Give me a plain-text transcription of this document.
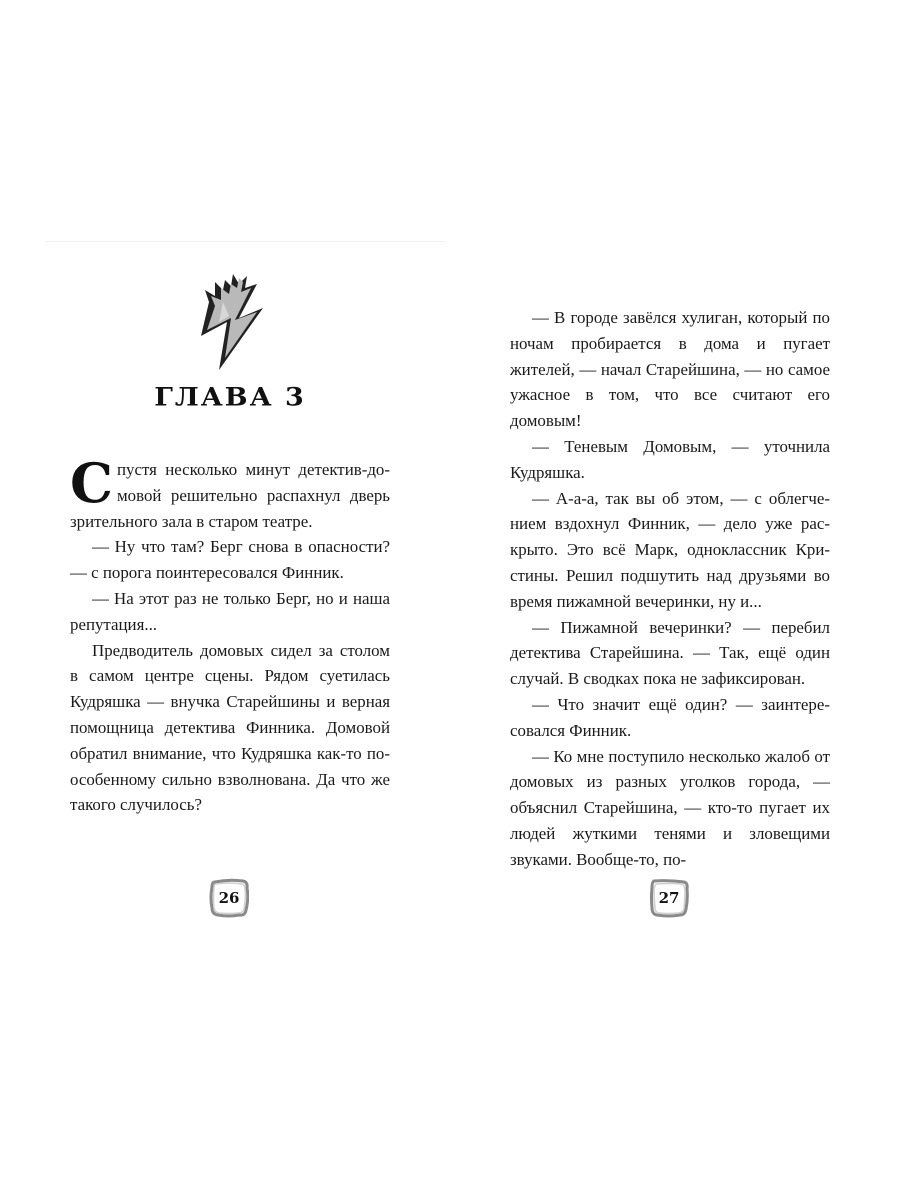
ГЛАВА 3

Спустя несколько минут детектив-домовой решительно распахнул дверь зрительного зала в старом театре.

— Ну что там? Берг снова в опасности? — с порога поинтересовался Финник.

— На этот раз не только Берг, но и наша репутация...

Предводитель домовых сидел за столом в самом центре сцены. Рядом суетилась Кудряшка — внучка Старейшины и верная помощница детектива Финника. Домовой обратил внимание, что Кудряшка как-то по-особенному сильно взволнована. Да что же такого случилось?

26

— В городе завёлся хулиган, который по ночам пробирается в дома и пугает жителей, — начал Старейшина, — но самое ужасное в том, что все считают его домовым!

— Теневым Домовым, — уточнила Кудряшка.

— А-а-а, так вы об этом, — с облегчением вздохнул Финник, — дело уже раскрыто. Это всё Марк, одноклассник Кристины. Решил подшутить над друзьями во время пижамной вечеринки, ну и...

— Пижамной вечеринки? — перебил детектива Старейшина. — Так, ещё один случай. В сводках пока не зафиксирован.

— Что значит ещё один? — заинтересовался Финник.

— Ко мне поступило несколько жалоб от домовых из разных уголков города, — объяснил Старейшина, — кто-то пугает их людей жуткими тенями и зловещими звуками. Вообще-то, по-

27
